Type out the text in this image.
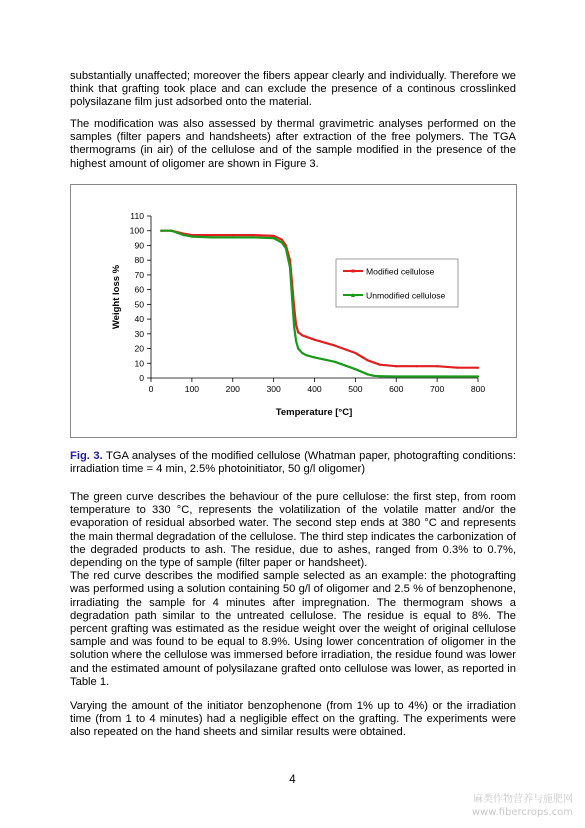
substantially unaffected; moreover the fibers appear clearly and individually. Therefore we think that grafting took place and can exclude the presence of a continous crosslinked polysilazane film just adsorbed onto the material.

The modification was also assessed by thermal gravimetric analyses performed on the samples (filter papers and handsheets) after extraction of the free polymers. The TGA thermograms (in air) of the cellulose and of the sample modified in the presence of the highest amount of oligomer are shown in Figure 3.

0
10
20
30
40
50
60
70
80
90
100
110
0	100	200	300	400	500	600	700	800
Modified cellulose
Unmodified cellulose
Temperature [°C]
Weight loss %

Fig. 3. TGA analyses of the modified cellulose (Whatman paper, photografting conditions: irradiation time = 4 min, 2.5% photoinitiator, 50 g/l oligomer)

The green curve describes the behaviour of the pure cellulose: the first step, from room temperature to 330 °C, represents the volatilization of the volatile matter and/or the evaporation of residual absorbed water. The second step ends at 380 °C and represents the main thermal degradation of the cellulose. The third step indicates the carbonization of the degraded products to ash. The residue, due to ashes, ranged from 0.3% to 0.7%, depending on the type of sample (filter paper or handsheet).
The red curve describes the modified sample selected as an example: the photografting was performed using a solution containing 50 g/l of oligomer and 2.5 % of benzophenone, irradiating the sample for 4 minutes after impregnation. The thermogram shows a degradation path similar to the untreated cellulose. The residue is equal to 8%. The percent grafting was estimated as the residue weight over the weight of original cellulose sample and was found to be equal to 8.9%. Using lower concentration of oligomer in the solution where the cellulose was immersed before irradiation, the residue found was lower and the estimated amount of polysilazane grafted onto cellulose was lower, as reported in Table 1.

Varying the amount of the initiator benzophenone (from 1% up to 4%) or the irradiation time (from 1 to 4 minutes) had a negligible effect on the grafting. The experiments were also repeated on the hand sheets and similar results were obtained.

4
麻类作物营养与施肥网
www.fibercrops.com
